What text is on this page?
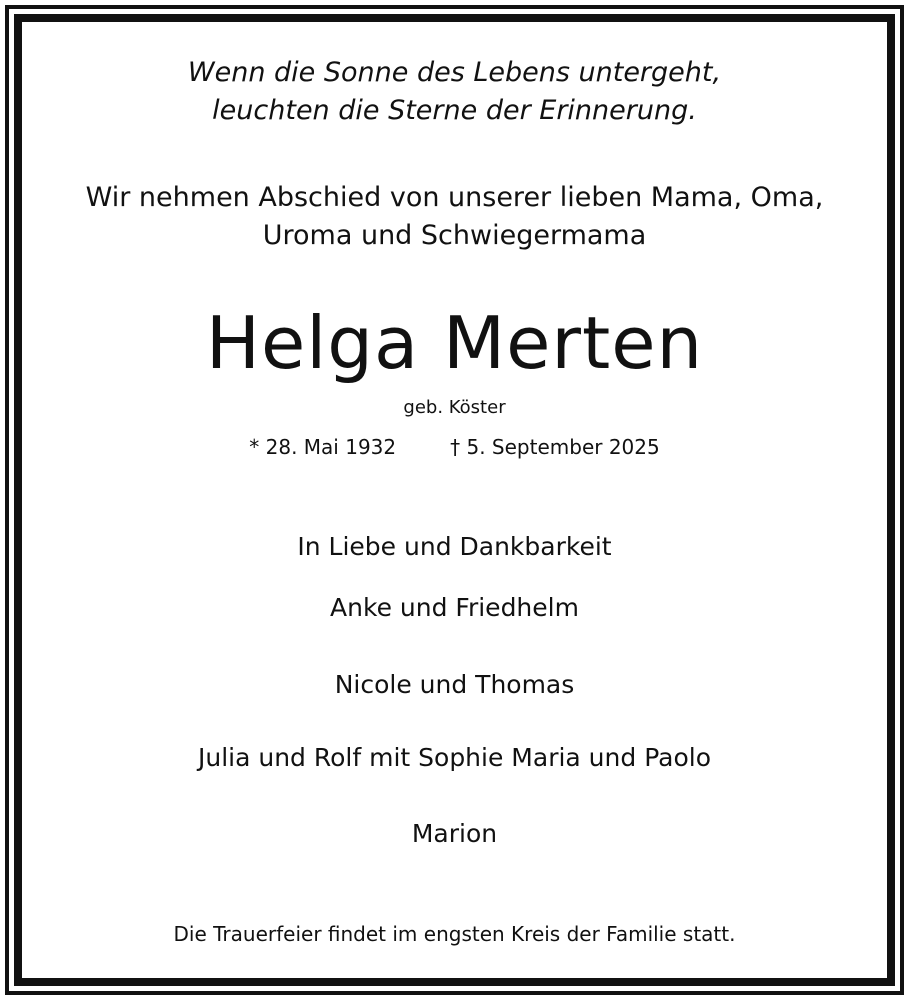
Wenn die Sonne des Lebens untergeht,

leuchten die Sterne der Erinnerung.

Wir nehmen Abschied von unserer lieben Mama, Oma,

Uroma und Schwiegermama

Helga Merten

geb. Köster

* 28. Mai 1932	† 5. September 2025

In Liebe und Dankbarkeit

Anke und Friedhelm

Nicole und Thomas

Julia und Rolf mit Sophie Maria und Paolo

Marion

Die Trauerfeier findet im engsten Kreis der Familie statt.
